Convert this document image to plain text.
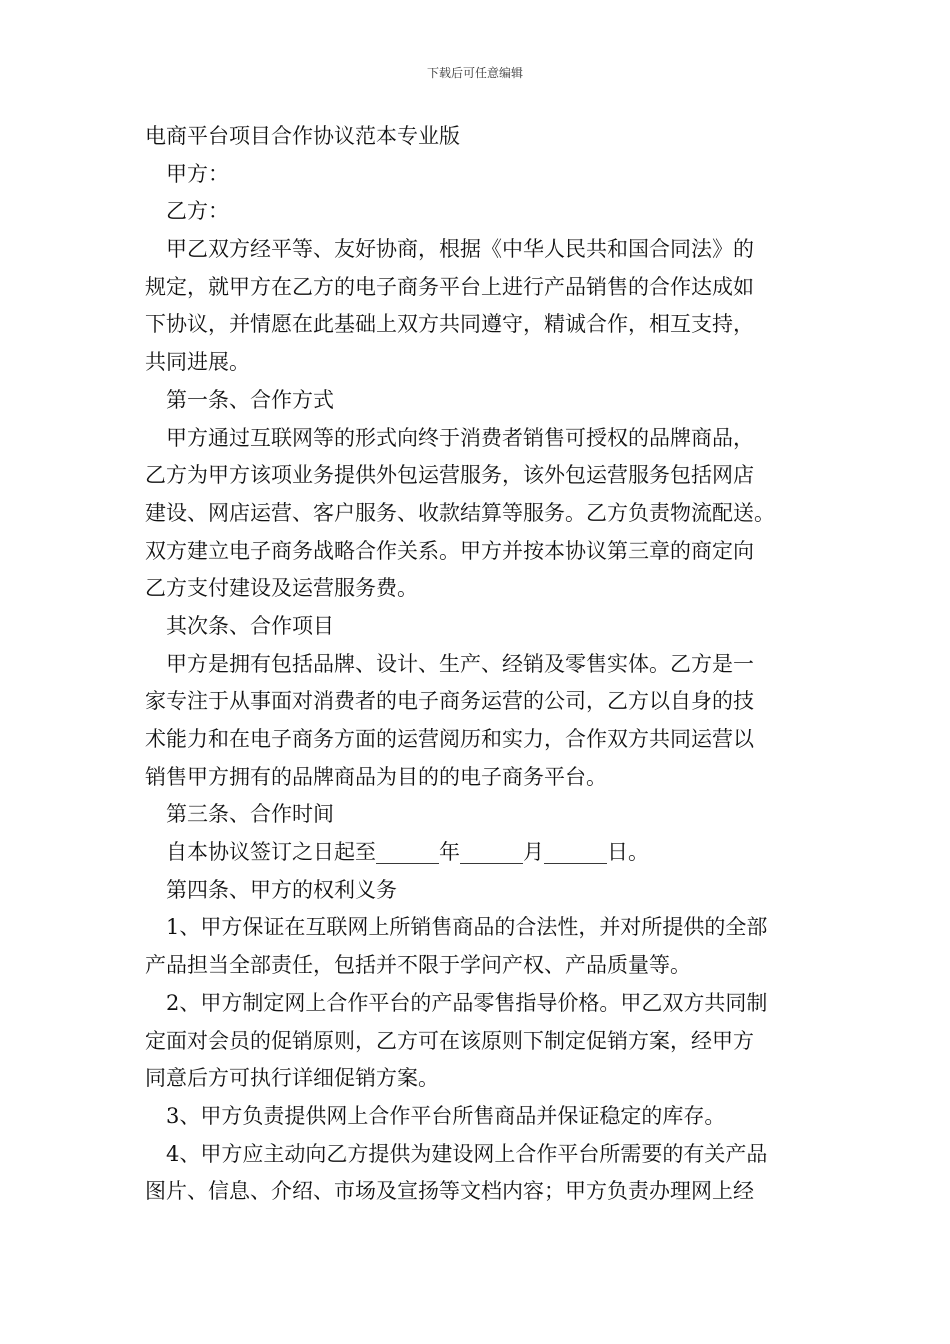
下载后可任意编辑
电商平台项目合作协议范本专业版
　甲方：
　乙方：
　甲乙双方经平等、友好协商，根据《中华人民共和国合同法》的
规定，就甲方在乙方的电子商务平台上进行产品销售的合作达成如
下协议，并情愿在此基础上双方共同遵守，精诚合作，相互支持，
共同进展。
　第一条、合作方式
　甲方通过互联网等的形式向终于消费者销售可授权的品牌商品，
乙方为甲方该项业务提供外包运营服务，该外包运营服务包括网店
建设、网店运营、客户服务、收款结算等服务。乙方负责物流配送。
双方建立电子商务战略合作关系。甲方并按本协议第三章的商定向
乙方支付建设及运营服务费。
　其次条、合作项目
　甲方是拥有包括品牌、设计、生产、经销及零售实体。乙方是一
家专注于从事面对消费者的电子商务运营的公司，乙方以自身的技
术能力和在电子商务方面的运营阅历和实力，合作双方共同运营以
销售甲方拥有的品牌商品为目的的电子商务平台。
　第三条、合作时间
　自本协议签订之日起至______年______月______日。
　第四条、甲方的权利义务
　1、甲方保证在互联网上所销售商品的合法性，并对所提供的全部
产品担当全部责任，包括并不限于学问产权、产品质量等。
　2、甲方制定网上合作平台的产品零售指导价格。甲乙双方共同制
定面对会员的促销原则，乙方可在该原则下制定促销方案，经甲方
同意后方可执行详细促销方案。
　3、甲方负责提供网上合作平台所售商品并保证稳定的库存。
　4、甲方应主动向乙方提供为建设网上合作平台所需要的有关产品
图片、信息、介绍、市场及宣扬等文档内容；甲方负责办理网上经
